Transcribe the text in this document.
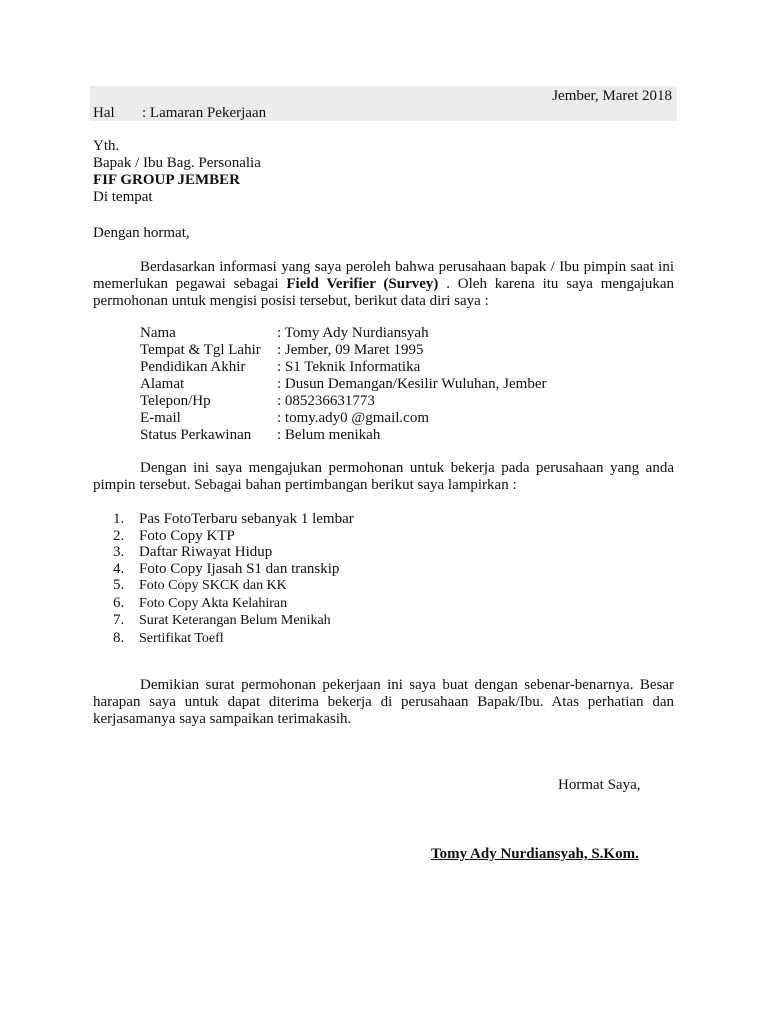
Jember, Maret 2018
Hal : Lamaran Pekerjaan
Yth.
Bapak / Ibu Bag. Personalia
FIF GROUP JEMBER
Di tempat
Dengan hormat,

Berdasarkan informasi yang saya peroleh bahwa perusahaan bapak / Ibu pimpin saat ini memerlukan pegawai sebagai Field Verifier (Survey) . Oleh karena itu saya mengajukan permohonan untuk mengisi posisi tersebut, berikut data diri saya :

Nama	: Tomy Ady Nurdiansyah
Tempat & Tgl Lahir : Jember, 09 Maret 1995
Pendidikan Akhir : S1 Teknik Informatika
Alamat	: Dusun Demangan/Kesilir Wuluhan, Jember
Telepon/Hp	: 085236631773
E-mail	: tomy.ady0 @gmail.com
Status Perkawinan : Belum menikah

Dengan ini saya mengajukan permohonan untuk bekerja pada perusahaan yang anda pimpin tersebut. Sebagai bahan pertimbangan berikut saya lampirkan :

1. Pas FotoTerbaru sebanyak 1 lembar
2. Foto Copy KTP
3. Daftar Riwayat Hidup
4. Foto Copy Ijasah S1 dan transkip
5. Foto Copy SKCK dan KK
6. Foto Copy Akta Kelahiran
7. Surat Keterangan Belum Menikah
8. Sertifikat Toefl

Demikian surat permohonan pekerjaan ini saya buat dengan sebenar-benarnya. Besar harapan saya untuk dapat diterima bekerja di perusahaan Bapak/Ibu. Atas perhatian dan kerjasamanya saya sampaikan terimakasih.

Hormat Saya,
Tomy Ady Nurdiansyah, S.Kom.
